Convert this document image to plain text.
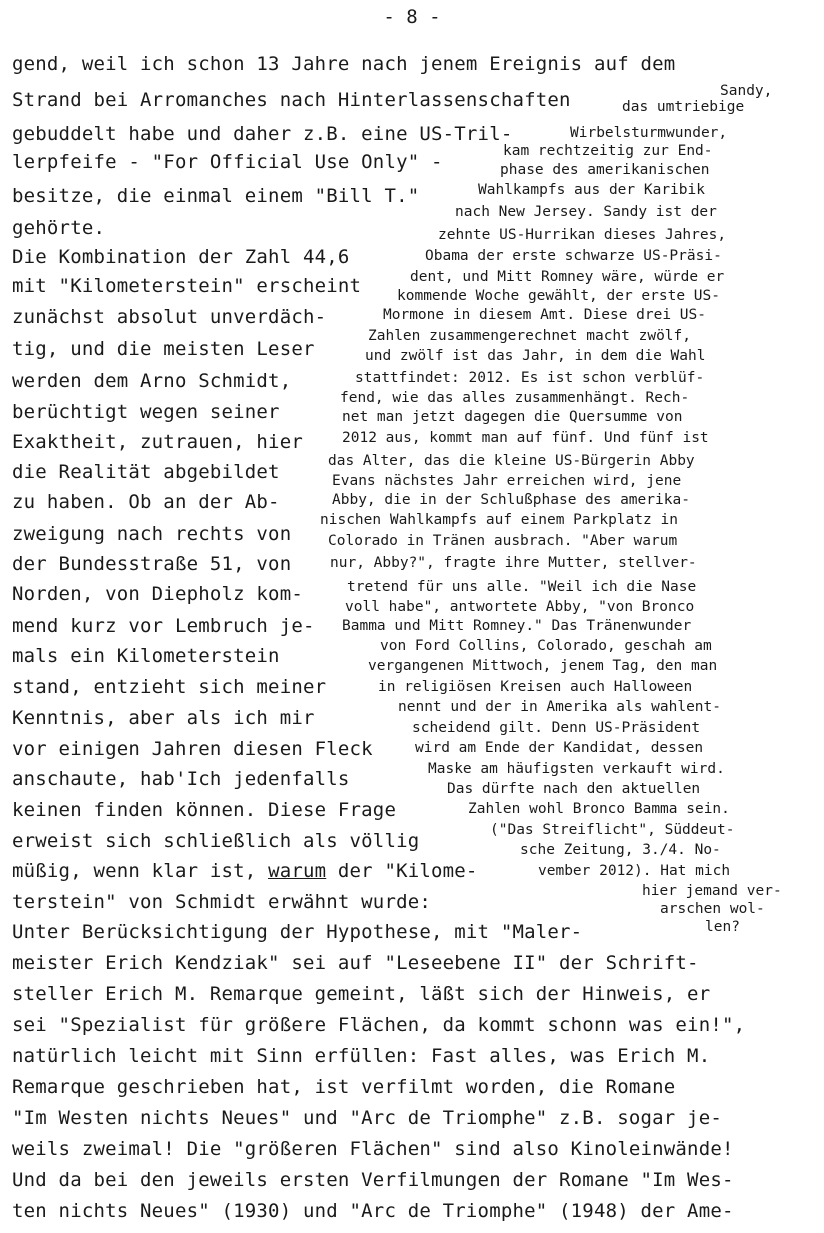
- 8 -
gend, weil ich schon 13 Jahre nach jenem Ereignis auf dem
Strand bei Arromanches nach Hinterlassenschaften
gebuddelt habe und daher z.B. eine US-Tril-
lerpfeife - "For Official Use Only" -
besitze, die einmal einem "Bill T."
gehörte.
Die Kombination der Zahl 44,6
mit "Kilometerstein" erscheint
zunächst absolut unverdäch-
tig, und die meisten Leser
werden dem Arno Schmidt,
berüchtigt wegen seiner
Exaktheit, zutrauen, hier
die Realität abgebildet
zu haben. Ob an der Ab-
zweigung nach rechts von
der Bundesstraße 51, von
Norden, von Diepholz kom-
mend kurz vor Lembruch je-
mals ein Kilometerstein
stand, entzieht sich meiner
Kenntnis, aber als ich mir
vor einigen Jahren diesen Fleck
anschaute, hab'Ich jedenfalls
keinen finden können. Diese Frage
erweist sich schließlich als völlig
müßig, wenn klar ist, warum der "Kilome-
terstein" von Schmidt erwähnt wurde:
Unter Berücksichtigung der Hypothese, mit "Maler-
meister Erich Kendziak" sei auf "Leseebene II" der Schrift-
steller Erich M. Remarque gemeint, läßt sich der Hinweis, er
sei "Spezialist für größere Flächen, da kommt schonn was ein!",
natürlich leicht mit Sinn erfüllen: Fast alles, was Erich M.
Remarque geschrieben hat, ist verfilmt worden, die Romane
"Im Westen nichts Neues" und "Arc de Triomphe" z.B. sogar je-
weils zweimal! Die "größeren Flächen" sind also Kinoleinwände!
Und da bei den jeweils ersten Verfilmungen der Romane "Im Wes-
ten nichts Neues" (1930) und "Arc de Triomphe" (1948) der Ame-
Sandy,
das umtriebige
Wirbelsturmwunder,
kam rechtzeitig zur End-
phase des amerikanischen
Wahlkampfs aus der Karibik
nach New Jersey. Sandy ist der
zehnte US-Hurrikan dieses Jahres,
Obama der erste schwarze US-Präsi-
dent, und Mitt Romney wäre, würde er
kommende Woche gewählt, der erste US-
Mormone in diesem Amt. Diese drei US-
Zahlen zusammengerechnet macht zwölf,
und zwölf ist das Jahr, in dem die Wahl
stattfindet: 2012. Es ist schon verblüf-
fend, wie das alles zusammenhängt. Rech-
net man jetzt dagegen die Quersumme von
2012 aus, kommt man auf fünf. Und fünf ist
das Alter, das die kleine US-Bürgerin Abby
Evans nächstes Jahr erreichen wird, jene
Abby, die in der Schlußphase des amerika-
nischen Wahlkampfs auf einem Parkplatz in
Colorado in Tränen ausbrach. "Aber warum
nur, Abby?", fragte ihre Mutter, stellver-
tretend für uns alle. "Weil ich die Nase
voll habe", antwortete Abby, "von Bronco
Bamma und Mitt Romney." Das Tränenwunder
von Ford Collins, Colorado, geschah am
vergangenen Mittwoch, jenem Tag, den man
in religiösen Kreisen auch Halloween
nennt und der in Amerika als wahlent-
scheidend gilt. Denn US-Präsident
wird am Ende der Kandidat, dessen
Maske am häufigsten verkauft wird.
Das dürfte nach den aktuellen
Zahlen wohl Bronco Bamma sein.
("Das Streiflicht", Süddeut-
sche Zeitung, 3./4. No-
vember 2012). Hat mich
hier jemand ver-
arschen wol-
len?
